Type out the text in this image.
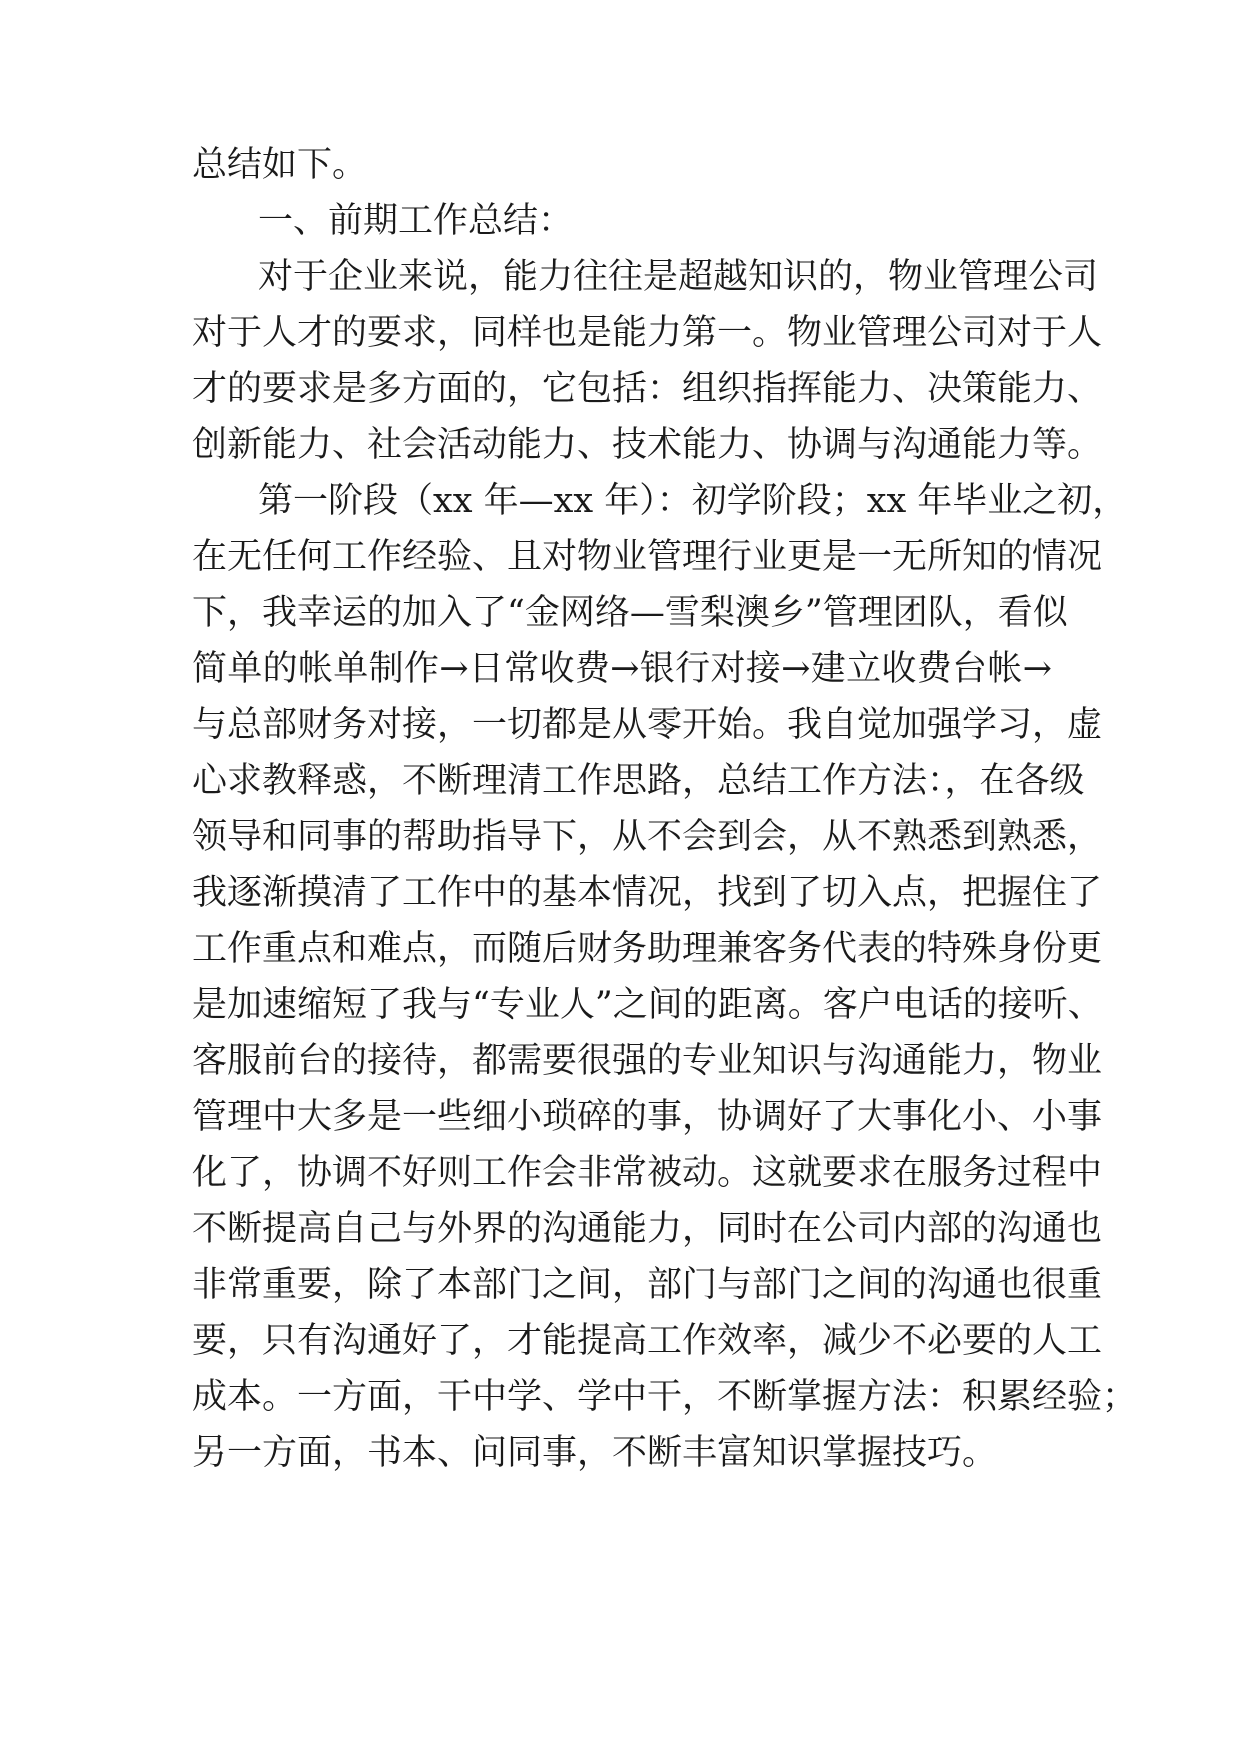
总结如下。

一、前期工作总结：

对于企业来说，能力往往是超越知识的，物业管理公司

对于人才的要求，同样也是能力第一。物业管理公司对于人

才的要求是多方面的，它包括：组织指挥能力、决策能力、

创新能力、社会活动能力、技术能力、协调与沟通能力等。

第一阶段（xx 年—xx 年）：初学阶段；xx 年毕业之初，

在无任何工作经验、且对物业管理行业更是一无所知的情况

下，我幸运的加入了“金网络—雪梨澳乡”管理团队，看似

简单的帐单制作→日常收费→银行对接→建立收费台帐→

与总部财务对接，一切都是从零开始。我自觉加强学习，虚

心求教释惑，不断理清工作思路，总结工作方法：，在各级

领导和同事的帮助指导下，从不会到会，从不熟悉到熟悉，

我逐渐摸清了工作中的基本情况，找到了切入点，把握住了

工作重点和难点，而随后财务助理兼客务代表的特殊身份更

是加速缩短了我与“专业人”之间的距离。客户电话的接听、

客服前台的接待，都需要很强的专业知识与沟通能力，物业

管理中大多是一些细小琐碎的事，协调好了大事化小、小事

化了，协调不好则工作会非常被动。这就要求在服务过程中

不断提高自己与外界的沟通能力，同时在公司内部的沟通也

非常重要，除了本部门之间，部门与部门之间的沟通也很重

要，只有沟通好了，才能提高工作效率，减少不必要的人工

成本。一方面，干中学、学中干，不断掌握方法：积累经验；

另一方面，书本、问同事，不断丰富知识掌握技巧。
